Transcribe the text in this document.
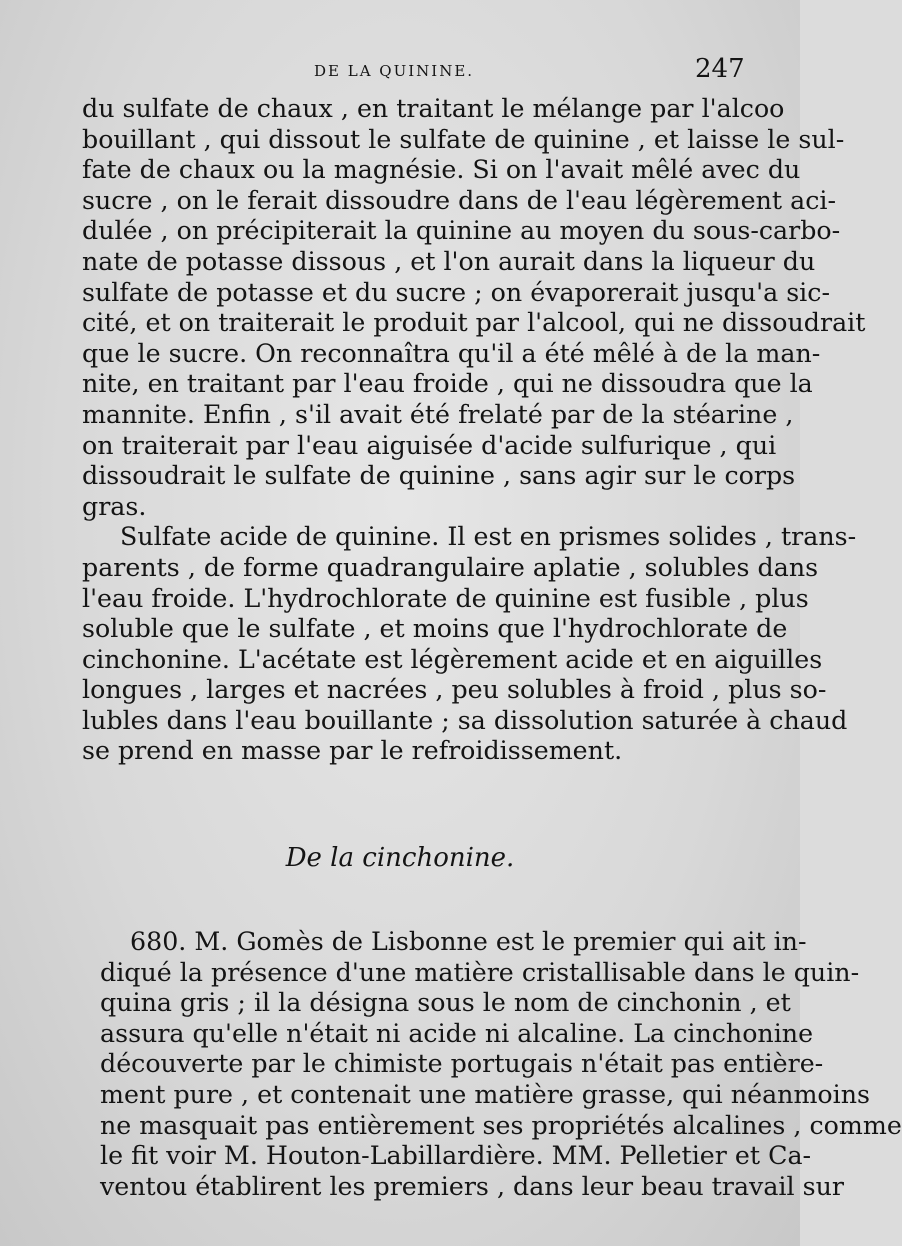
DE LA QUININE.	247
du sulfate de chaux , en traitant le mélange par l'alcoo
bouillant , qui dissout le sulfate de quinine , et laisse le sul-
fate de chaux ou la magnésie. Si on l'avait mêlé avec du
sucre , on le ferait dissoudre dans de l'eau légèrement aci-
dulée , on précipiterait la quinine au moyen du sous-carbo-
nate de potasse dissous , et l'on aurait dans la liqueur du
sulfate de potasse et du sucre ; on évaporerait jusqu'a sic-
cité, et on traiterait le produit par l'alcool, qui ne dissoudrait
que le sucre. On reconnaîtra qu'il a été mêlé à de la man-
nite, en traitant par l'eau froide , qui ne dissoudra que la
mannite. Enfin , s'il avait été frelaté par de la stéarine ,
on traiterait par l'eau aiguisée d'acide sulfurique , qui
dissoudrait le sulfate de quinine , sans agir sur le corps
gras.
Sulfate acide de quinine. Il est en prismes solides , trans-
parents , de forme quadrangulaire aplatie , solubles dans
l'eau froide. L'hydrochlorate de quinine est fusible , plus
soluble que le sulfate , et moins que l'hydrochlorate de
cinchonine. L'acétate est légèrement acide et en aiguilles
longues , larges et nacrées , peu solubles à froid , plus so-
lubles dans l'eau bouillante ; sa dissolution saturée à chaud
se prend en masse par le refroidissement.
De la cinchonine.
680. M. Gomès de Lisbonne est le premier qui ait in-
diqué la présence d'une matière cristallisable dans le quin-
quina gris ; il la désigna sous le nom de cinchonin , et
assura qu'elle n'était ni acide ni alcaline. La cinchonine
découverte par le chimiste portugais n'était pas entière-
ment pure , et contenait une matière grasse, qui néanmoins
ne masquait pas entièrement ses propriétés alcalines , comme
le fit voir M. Houton-Labillardière. MM. Pelletier et Ca-
ventou établirent les premiers , dans leur beau travail sur
